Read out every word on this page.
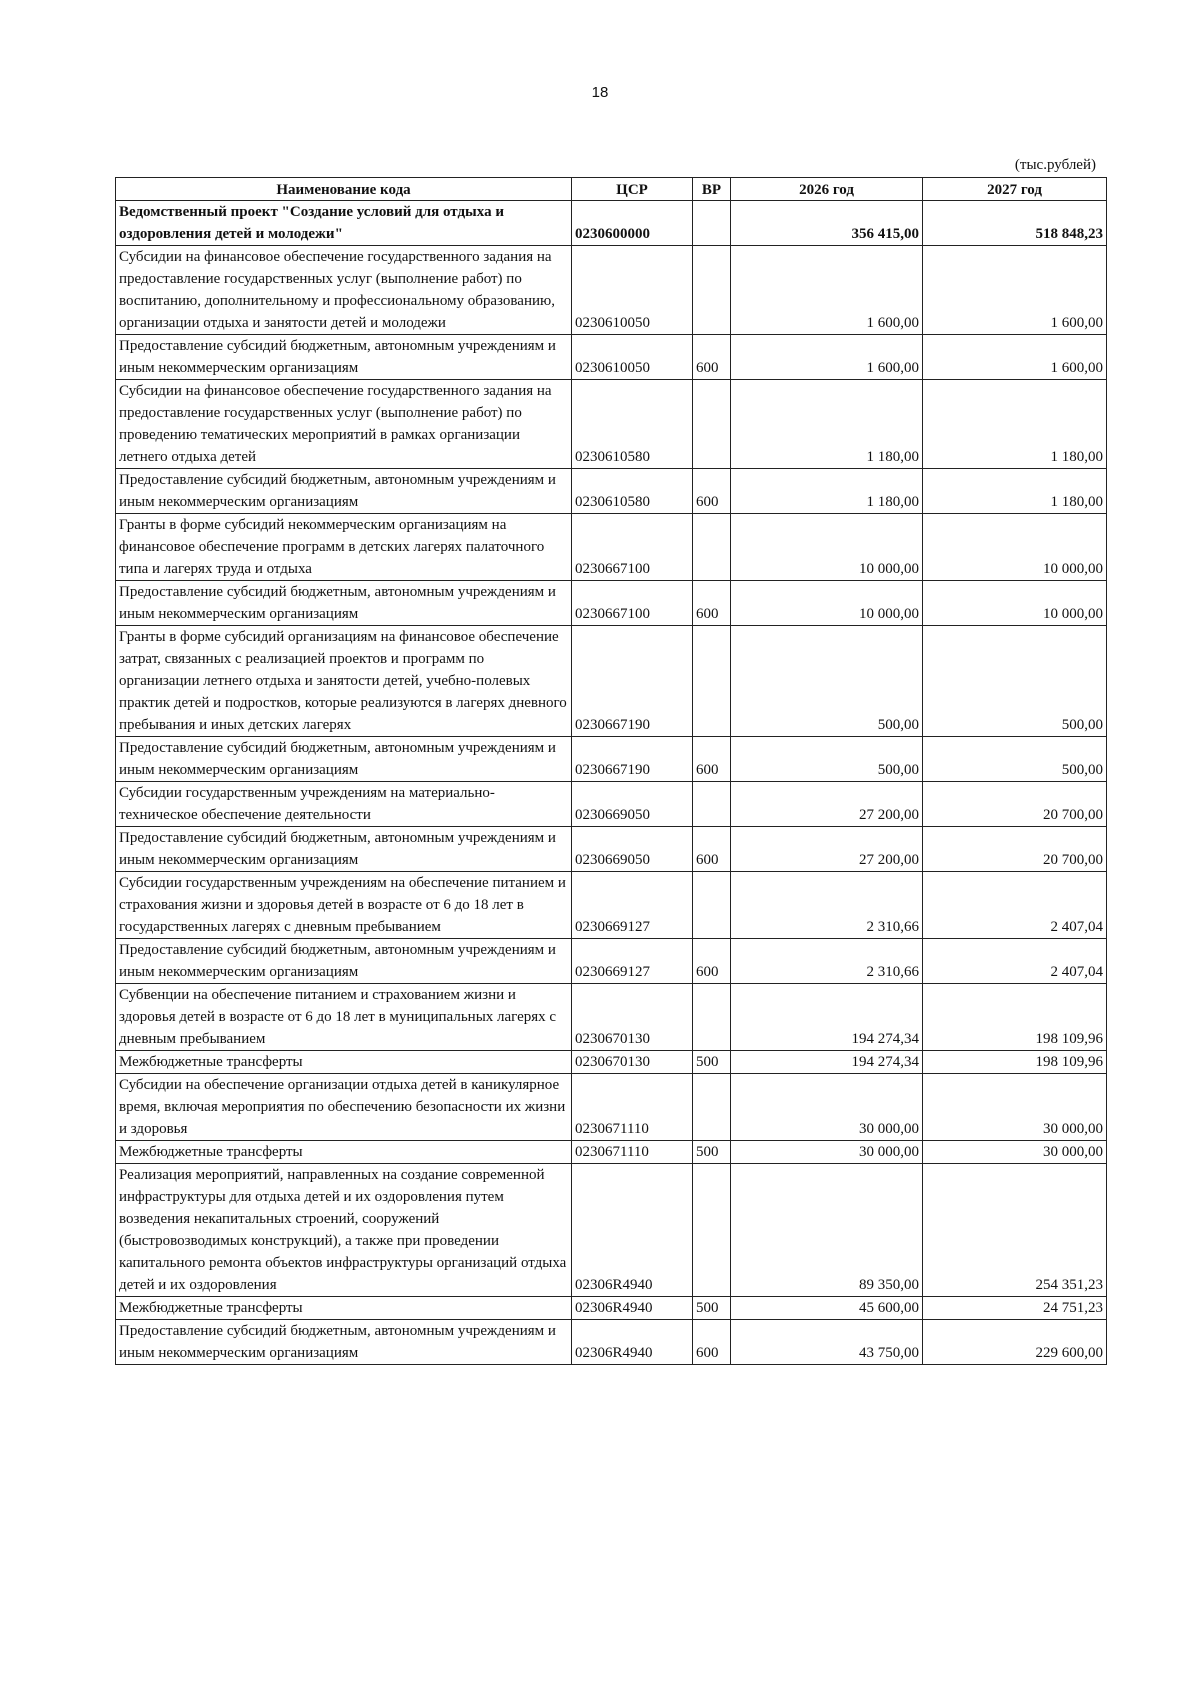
18
(тыс.рублей)
Наименование кода	ЦСР	ВР	2026 год	2027 год
Ведомственный проект "Создание условий для отдыха и оздоровления детей и молодежи"	0230600000		356 415,00	518 848,23
Субсидии на финансовое обеспечение государственного задания на предоставление государственных услуг (выполнение работ) по воспитанию, дополнительному и профессиональному образованию, организации отдыха и занятости детей и молодежи	0230610050		1 600,00	1 600,00
Предоставление субсидий бюджетным, автономным учреждениям и иным некоммерческим организациям	0230610050	600	1 600,00	1 600,00
Субсидии на финансовое обеспечение государственного задания на предоставление государственных услуг (выполнение работ) по проведению тематических мероприятий в рамках организации летнего отдыха детей	0230610580		1 180,00	1 180,00
Предоставление субсидий бюджетным, автономным учреждениям и иным некоммерческим организациям	0230610580	600	1 180,00	1 180,00
Гранты в форме субсидий некоммерческим организациям на финансовое обеспечение программ в детских лагерях палаточного типа и лагерях труда и отдыха	0230667100		10 000,00	10 000,00
Предоставление субсидий бюджетным, автономным учреждениям и иным некоммерческим организациям	0230667100	600	10 000,00	10 000,00
Гранты в форме субсидий организациям на финансовое обеспечение затрат, связанных с реализацией проектов и программ по организации летнего отдыха и занятости детей, учебно-полевых практик детей и подростков, которые реализуются в лагерях дневного пребывания и иных детских лагерях	0230667190		500,00	500,00
Предоставление субсидий бюджетным, автономным учреждениям и иным некоммерческим организациям	0230667190	600	500,00	500,00
Субсидии государственным учреждениям на материально-техническое обеспечение деятельности	0230669050		27 200,00	20 700,00
Предоставление субсидий бюджетным, автономным учреждениям и иным некоммерческим организациям	0230669050	600	27 200,00	20 700,00
Субсидии государственным учреждениям на обеспечение питанием и страхования жизни и здоровья детей в возрасте от 6 до 18 лет в государственных лагерях с дневным пребыванием	0230669127		2 310,66	2 407,04
Предоставление субсидий бюджетным, автономным учреждениям и иным некоммерческим организациям	0230669127	600	2 310,66	2 407,04
Субвенции на обеспечение питанием и страхованием жизни и здоровья детей в возрасте от 6 до 18 лет в муниципальных лагерях с дневным пребыванием	0230670130		194 274,34	198 109,96
Межбюджетные трансферты	0230670130	500	194 274,34	198 109,96
Субсидии на обеспечение организации отдыха детей в каникулярное время, включая мероприятия по обеспечению безопасности их жизни и здоровья	0230671110		30 000,00	30 000,00
Межбюджетные трансферты	0230671110	500	30 000,00	30 000,00
Реализация мероприятий, направленных на создание современной инфраструктуры для отдыха детей и их оздоровления путем возведения некапитальных строений, сооружений (быстровозводимых конструкций), а также при проведении капитального ремонта объектов инфраструктуры организаций отдыха детей и их оздоровления	02306R4940		89 350,00	254 351,23
Межбюджетные трансферты	02306R4940	500	45 600,00	24 751,23
Предоставление субсидий бюджетным, автономным учреждениям и иным некоммерческим организациям	02306R4940	600	43 750,00	229 600,00
